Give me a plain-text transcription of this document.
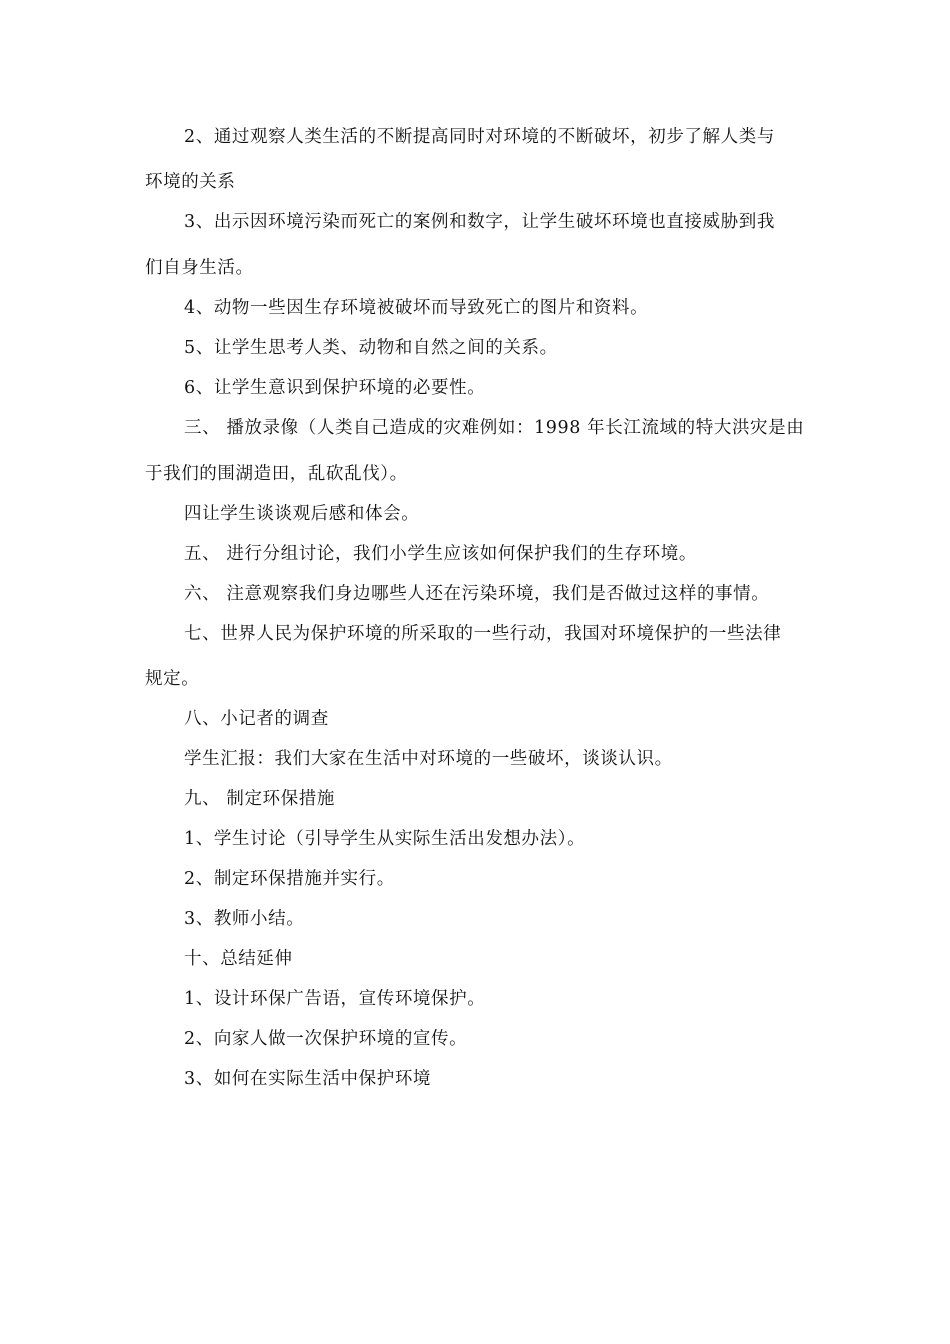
2、通过观察人类生活的不断提高同时对环境的不断破坏，初步了解人类与
环境的关系
3、出示因环境污染而死亡的案例和数字，让学生破坏环境也直接威胁到我
们自身生活。
4、动物一些因生存环境被破坏而导致死亡的图片和资料。
5、让学生思考人类、动物和自然之间的关系。
6、让学生意识到保护环境的必要性。
三、 播放录像（人类自己造成的灾难例如：1998 年长江流域的特大洪灾是由
于我们的围湖造田，乱砍乱伐）。
四让学生谈谈观后感和体会。
五、 进行分组讨论，我们小学生应该如何保护我们的生存环境。
六、 注意观察我们身边哪些人还在污染环境，我们是否做过这样的事情。
七、世界人民为保护环境的所采取的一些行动，我国对环境保护的一些法律
规定。
八、小记者的调查
学生汇报：我们大家在生活中对环境的一些破坏，谈谈认识。
九、 制定环保措施
1、学生讨论（引导学生从实际生活出发想办法）。
2、制定环保措施并实行。
3、教师小结。
十、总结延伸
1、设计环保广告语，宣传环境保护。
2、向家人做一次保护环境的宣传。
3、如何在实际生活中保护环境
